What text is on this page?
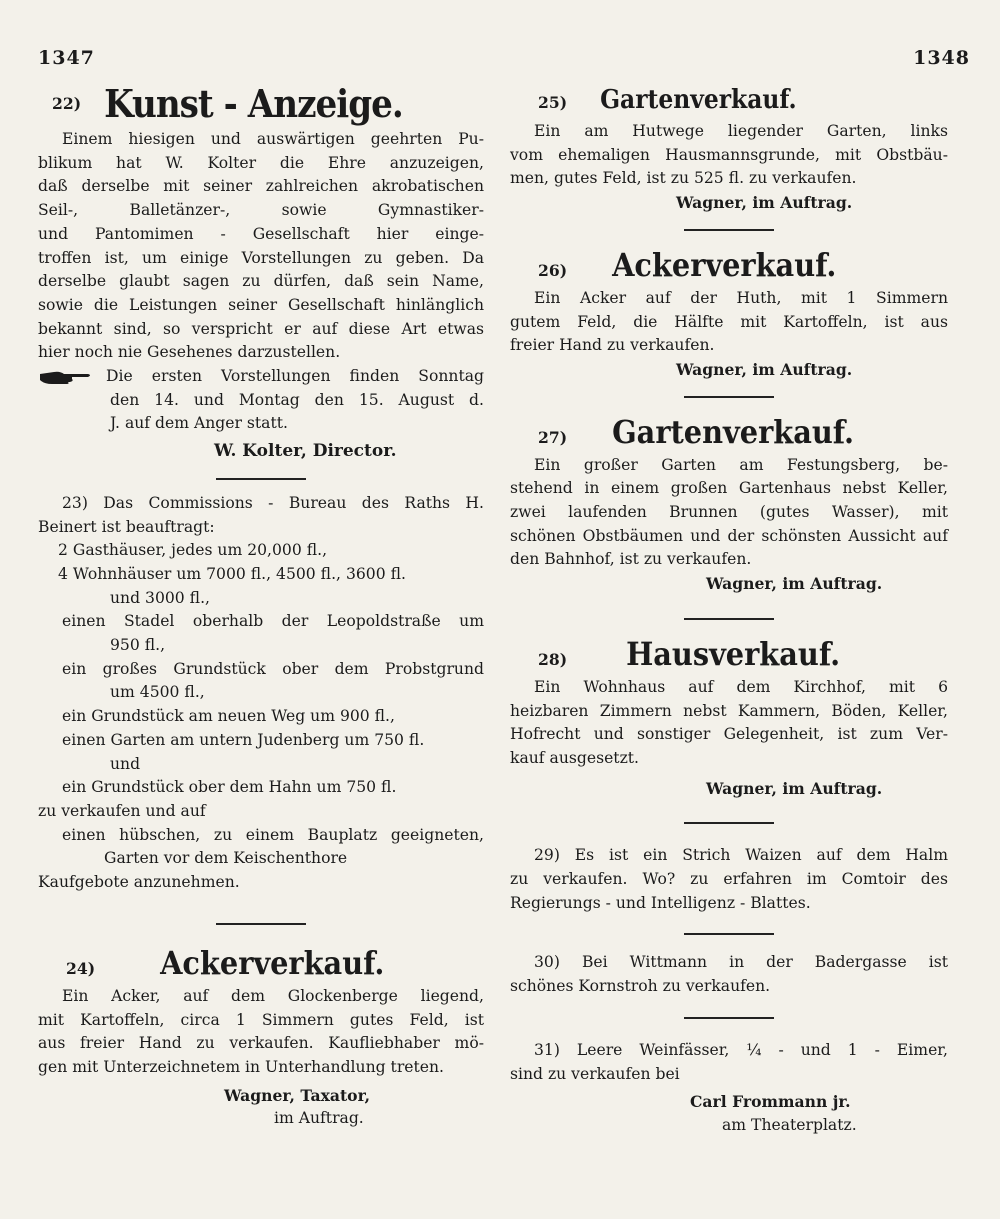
1347	1348
22) Kunst - Anzeige.
Einem hiesigen und auswärtigen geehrten Pu-
blikum hat W. Kolter die Ehre anzuzeigen,
daß derselbe mit seiner zahlreichen akrobatischen
Seil-, Balletänzer-, sowie Gymnastiker-
und Pantomimen - Gesellschaft hier einge-
troffen ist, um einige Vorstellungen zu geben. Da
derselbe glaubt sagen zu dürfen, daß sein Name,
sowie die Leistungen seiner Gesellschaft hinlänglich
bekannt sind, so verspricht er auf diese Art etwas
hier noch nie Gesehenes darzustellen.
Die ersten Vorstellungen finden Sonntag
den 14. und Montag den 15. August d.
J. auf dem Anger statt.
W. Kolter, Director.
23) Das Commissions - Bureau des Raths H.
Beinert ist beauftragt:
2 Gasthäuser, jedes um 20,000 fl.,
4 Wohnhäuser um 7000 fl., 4500 fl., 3600 fl.
und 3000 fl.,
einen Stadel oberhalb der Leopoldstraße um
950 fl.,
ein großes Grundstück ober dem Probstgrund
um 4500 fl.,
ein Grundstück am neuen Weg um 900 fl.,
einen Garten am untern Judenberg um 750 fl.
und
ein Grundstück ober dem Hahn um 750 fl.
zu verkaufen und auf
einen hübschen, zu einem Bauplatz geeigneten,
Garten vor dem Keischenthore
Kaufgebote anzunehmen.
24) Ackerverkauf.
Ein Acker, auf dem Glockenberge liegend,
mit Kartoffeln, circa 1 Simmern gutes Feld, ist
aus freier Hand zu verkaufen. Kaufliebhaber mö-
gen mit Unterzeichnetem in Unterhandlung treten.
Wagner, Taxator,
im Auftrag.
25) Gartenverkauf.
Ein am Hutwege liegender Garten, links
vom ehemaligen Hausmannsgrunde, mit Obstbäu-
men, gutes Feld, ist zu 525 fl. zu verkaufen.
Wagner, im Auftrag.
26) Ackerverkauf.
Ein Acker auf der Huth, mit 1 Simmern
gutem Feld, die Hälfte mit Kartoffeln, ist aus
freier Hand zu verkaufen.
Wagner, im Auftrag.
27) Gartenverkauf.
Ein großer Garten am Festungsberg, be-
stehend in einem großen Gartenhaus nebst Keller,
zwei laufenden Brunnen (gutes Wasser), mit
schönen Obstbäumen und der schönsten Aussicht auf
den Bahnhof, ist zu verkaufen.
Wagner, im Auftrag.
28) Hausverkauf.
Ein Wohnhaus auf dem Kirchhof, mit 6
heizbaren Zimmern nebst Kammern, Böden, Keller,
Hofrecht und sonstiger Gelegenheit, ist zum Ver-
kauf ausgesetzt.
Wagner, im Auftrag.
29) Es ist ein Strich Waizen auf dem Halm
zu verkaufen. Wo? zu erfahren im Comtoir des
Regierungs - und Intelligenz - Blattes.
30) Bei Wittmann in der Badergasse ist
schönes Kornstroh zu verkaufen.
31) Leere Weinfässer, ¼ - und 1 - Eimer,
sind zu verkaufen bei
Carl Frommann jr.
am Theaterplatz.
